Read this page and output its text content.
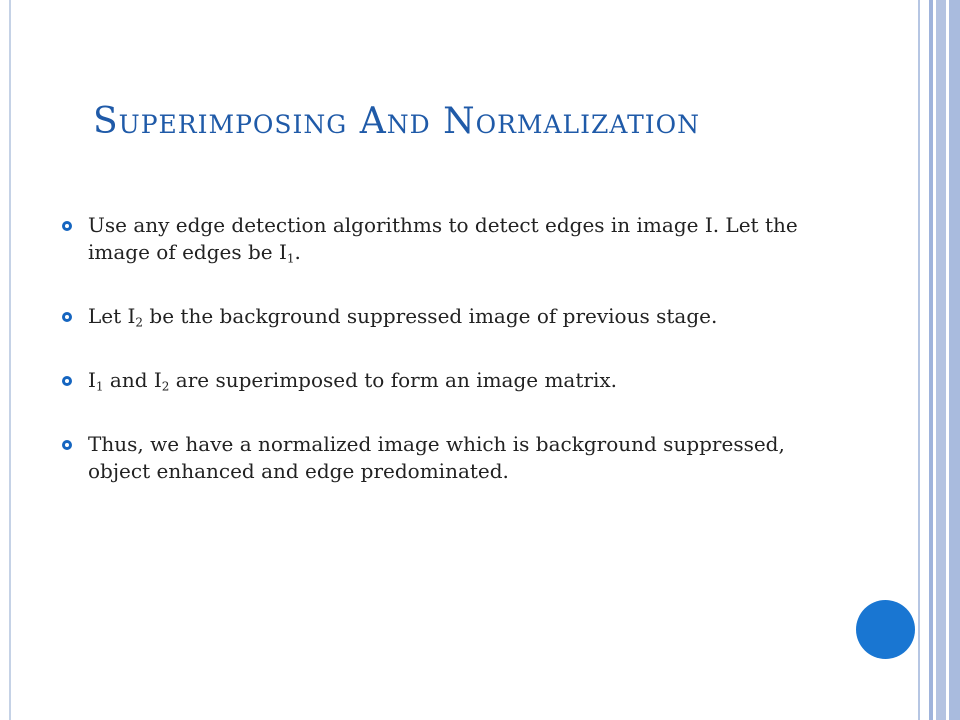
Superimposing And Normalization
Use any edge detection algorithms to detect edges in image I. Let the image of edges be $I_1$.
Let $I_2$ be the background suppressed image of previous stage.
$I_1$ and $I_2$ are superimposed to form an image matrix.
Thus, we have a normalized image which is background suppressed, object enhanced and edge predominated.
